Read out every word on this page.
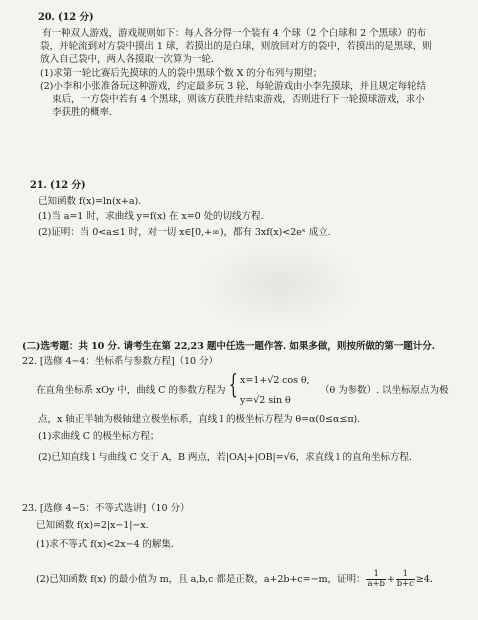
20. (12 分)
有一种双人游戏，游戏规则如下：每人各分得一个装有 4 个球（2 个白球和 2 个黑球）的布
袋，并轮流到对方袋中摸出 1 球，若摸出的是白球，则放回对方的袋中，若摸出的是黑球，则
放入自己袋中，两人各摸取一次算为一轮.
(1)求第一轮比赛后先摸球的人的袋中黑球个数 X 的分布列与期望；
(2)小李和小张准备玩这种游戏，约定最多玩 3 轮，每轮游戏由小李先摸球，并且规定每轮结
束后，一方袋中若有 4 个黑球，则该方获胜并结束游戏，否则进行下一轮摸球游戏，求小
李获胜的概率.
21. (12 分)
已知函数 f(x)=ln(x+a).
(1)当 a=1 时，求曲线 y=f(x) 在 x=0 处的切线方程.
(2)证明：当 0<a≤1 时，对一切 x∈[0,+∞)，都有 3xf(x)<2eˣ 成立.
(二)选考题：共 10 分. 请考生在第 22,23 题中任选一题作答. 如果多做，则按所做的第一题计分.
22. [选修 4−4：坐标系与参数方程]（10 分）
在直角坐标系 xOy 中，曲线 C 的参数方程为 { x=1+√2 cos θ,
y=√2 sin θ
（θ 为参数）. 以坐标原点为极
点，x 轴正半轴为极轴建立极坐标系，直线 l 的极坐标方程为 θ=α(0≤α≤π).
(1)求曲线 C 的极坐标方程；
(2)已知直线 l 与曲线 C 交于 A，B 两点，若|OA|+|OB|=√6，求直线 l 的直角坐标方程.
23. [选修 4−5：不等式选讲]（10 分）
已知函数 f(x)=2|x−1|−x.
(1)求不等式 f(x)<2x−4 的解集.
(2)已知函数 f(x) 的最小值为 m，且 a,b,c 都是正数，a+2b+c=−m，证明： $\frac{1}{a+b} + \frac{1}{b+c} \ge 4$.
